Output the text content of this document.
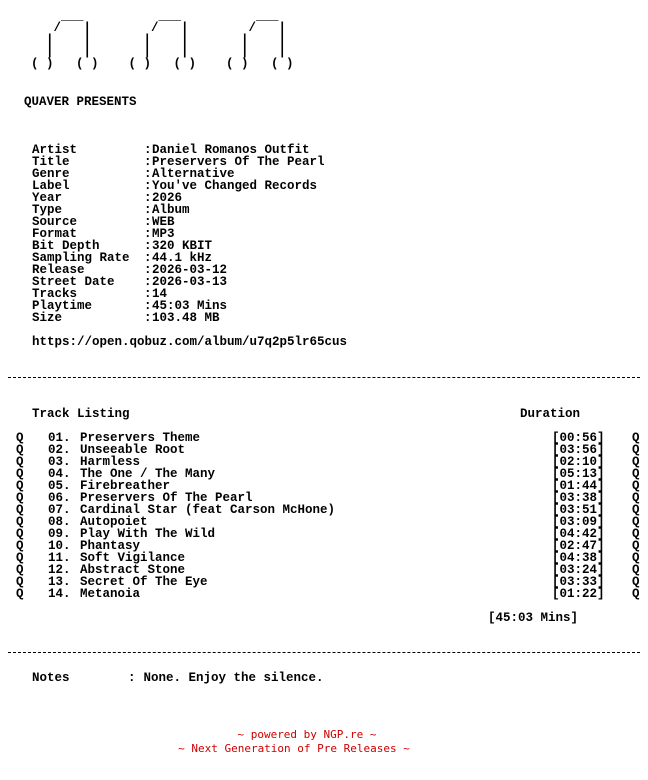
___          ___          ___
/   |        /   |        /   |
|    |       |    |       |    |
|    |       |    |       |    |
( )   ( )    ( )   ( )    ( )   ( )
QUAVER PRESENTS
Artist	: Daniel Romanos Outfit
Title	: Preservers Of The Pearl
Genre	: Alternative
Label	: You've Changed Records
Year	: 2026
Type	: Album
Source	: WEB
Format	: MP3
Bit Depth	: 320 KBIT
Sampling Rate	: 44.1 kHz
Release	: 2026-03-12
Street Date	: 2026-03-13
Tracks	: 14
Playtime	: 45:03 Mins
Size	: 103.48 MB
https://open.qobuz.com/album/u7q2p5lr65cus
Track Listing	Duration
Q 01. Preservers Theme	[00:56] Q
Q 02. Unseeable Root	[03:56] Q
Q 03. Harmless	[02:10] Q
Q 04. The One / The Many	[05:13] Q
Q 05. Firebreather	[01:44] Q
Q 06. Preservers Of The Pearl	[03:38] Q
Q 07. Cardinal Star (feat Carson McHone)	[03:51] Q
Q 08. Autopoiet	[03:09] Q
Q 09. Play With The Wild	[04:42] Q
Q 10. Phantasy	[02:47] Q
Q 11. Soft Vigilance	[04:38] Q
Q 12. Abstract Stone	[03:24] Q
Q 13. Secret Of The Eye	[03:33] Q
Q 14. Metanoia	[01:22] Q
[45:03 Mins]
Notes	: None. Enjoy the silence.
~ powered by NGP.re ~
~ Next Generation of Pre Releases ~
